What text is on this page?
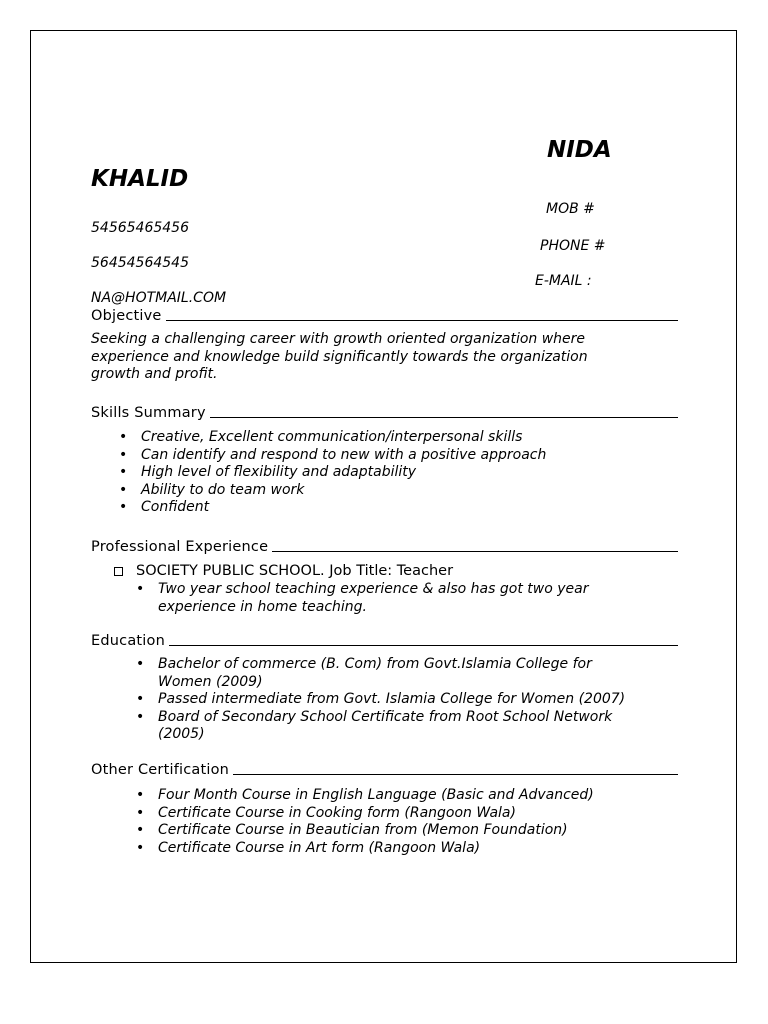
NIDA
KHALID
MOB #
PHONE #
E-MAIL :
54565465456
56454564545
NA@HOTMAIL.COM
Objective

Seeking a challenging career with growth oriented organization where
experience and knowledge build significantly towards the organization
growth and profit.

Skills Summary
• Creative, Excellent communication/interpersonal skills
• Can identify and respond to new with a positive approach
• High level of flexibility and adaptability
• Ability to do team work
• Confident
Professional Experience
SOCIETY PUBLIC SCHOOL. Job Title: Teacher
• Two year school teaching experience & also has got two year
experience in home teaching.
Education
• Bachelor of commerce (B. Com) from Govt.Islamia College for
Women (2009)
• Passed intermediate from Govt. Islamia College for Women (2007)
• Board of Secondary School Certificate from Root School Network
(2005)
Other Certification
• Four Month Course in English Language (Basic and Advanced)
• Certificate Course in Cooking form (Rangoon Wala)
• Certificate Course in Beautician from (Memon Foundation)
• Certificate Course in Art form (Rangoon Wala)
